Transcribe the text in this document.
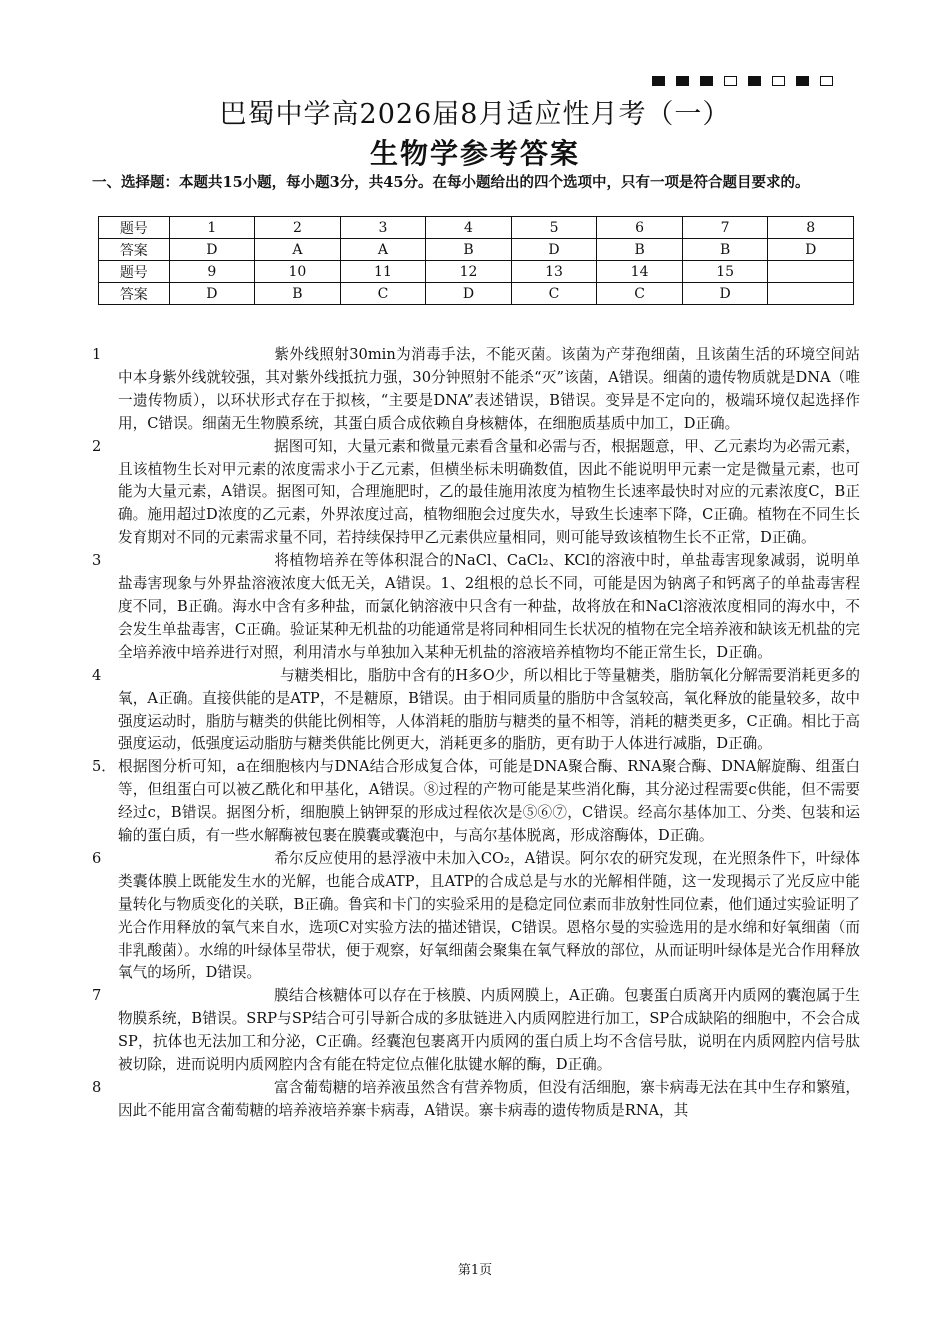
巴蜀中学高2026届8月适应性月考（一）
生物学参考答案
一、选择题：本题共15小题，每小题3分，共45分。在每小题给出的四个选项中，只有一项是符合题目要求的。
题号	1	2	3	4	5	6	7	8
答案	D	A	A	B	D	B	B	D
题号	9	10	11	12	13	14	15	
答案	D	B	C	D	C	C	D	

1	紫外线照射30min为消毒手法，不能灭菌。该菌为产芽孢细菌，且该菌生活的环境空间站中本身紫外线就较强，其对紫外线抵抗力强，30分钟照射不能杀“灭”该菌，A错误。细菌的遗传物质就是DNA（唯一遗传物质），以环状形式存在于拟核，“主要是DNA”表述错误，B错误。变异是不定向的，极端环境仅起选择作用，C错误。细菌无生物膜系统，其蛋白质合成依赖自身核糖体，在细胞质基质中加工，D正确。

2	据图可知，大量元素和微量元素看含量和必需与否，根据题意，甲、乙元素均为必需元素，且该植物生长对甲元素的浓度需求小于乙元素，但横坐标未明确数值，因此不能说明甲元素一定是微量元素，也可能为大量元素，A错误。据图可知，合理施肥时，乙的最佳施用浓度为植物生长速率最快时对应的元素浓度C，B正确。施用超过D浓度的乙元素，外界浓度过高，植物细胞会过度失水，导致生长速率下降，C正确。植物在不同生长发育期对不同的元素需求量不同，若持续保持甲乙元素供应量相同，则可能导致该植物生长不正常，D正确。

3	将植物培养在等体积混合的NaCl、CaCl₂、KCl的溶液中时，单盐毒害现象减弱，说明单盐毒害现象与外界盐溶液浓度大低无关，A错误。1、2组根的总长不同，可能是因为钠离子和钙离子的单盐毒害程度不同，B正确。海水中含有多种盐，而氯化钠溶液中只含有一种盐，故将放在和NaCl溶液浓度相同的海水中，不会发生单盐毒害，C正确。验证某种无机盐的功能通常是将同种相同生长状况的植物在完全培养液和缺该无机盐的完全培养液中培养进行对照，利用清水与单独加入某种无机盐的溶液培养植物均不能正常生长，D正确。

4	与糖类相比，脂肪中含有的H多O少，所以相比于等量糖类，脂肪氧化分解需要消耗更多的氧，A正确。直接供能的是ATP，不是糖原，B错误。由于相同质量的脂肪中含氢较高，氧化释放的能量较多，故中强度运动时，脂肪与糖类的供能比例相等，人体消耗的脂肪与糖类的量不相等，消耗的糖类更多，C正确。相比于高强度运动，低强度运动脂肪与糖类供能比例更大，消耗更多的脂肪，更有助于人体进行减脂，D正确。

5． 根据图分析可知，a在细胞核内与DNA结合形成复合体，可能是DNA聚合酶、RNA聚合酶、DNA解旋酶、组蛋白等，但组蛋白可以被乙酰化和甲基化，A错误。⑧过程的产物可能是某些消化酶，其分泌过程需要c供能，但不需要经过c，B错误。据图分析，细胞膜上钠钾泵的形成过程依次是⑤⑥⑦，C错误。经高尔基体加工、分类、包装和运输的蛋白质，有一些水解酶被包裹在膜囊或囊泡中，与高尔基体脱离，形成溶酶体，D正确。

6	希尔反应使用的悬浮液中未加入CO₂，A错误。阿尔农的研究发现，在光照条件下，叶绿体类囊体膜上既能发生水的光解，也能合成ATP，且ATP的合成总是与水的光解相伴随，这一发现揭示了光反应中能量转化与物质变化的关联，B正确。鲁宾和卡门的实验采用的是稳定同位素而非放射性同位素，他们通过实验证明了光合作用释放的氧气来自水，选项C对实验方法的描述错误，C错误。恩格尔曼的实验选用的是水绵和好氧细菌（而非乳酸菌）。水绵的叶绿体呈带状，便于观察，好氧细菌会聚集在氧气释放的部位，从而证明叶绿体是光合作用释放氧气的场所，D错误。

7	膜结合核糖体可以存在于核膜、内质网膜上，A正确。包裹蛋白质离开内质网的囊泡属于生物膜系统，B错误。SRP与SP结合可引导新合成的多肽链进入内质网腔进行加工，SP合成缺陷的细胞中，不会合成SP，抗体也无法加工和分泌，C正确。经囊泡包裹离开内质网的蛋白质上均不含信号肽，说明在内质网腔内信号肽被切除，进而说明内质网腔内含有能在特定位点催化肽键水解的酶，D正确。

8	富含葡萄糖的培养液虽然含有营养物质，但没有活细胞，寨卡病毒无法在其中生存和繁殖，因此不能用富含葡萄糖的培养液培养寨卡病毒，A错误。寨卡病毒的遗传物质是RNA，其

第1页
